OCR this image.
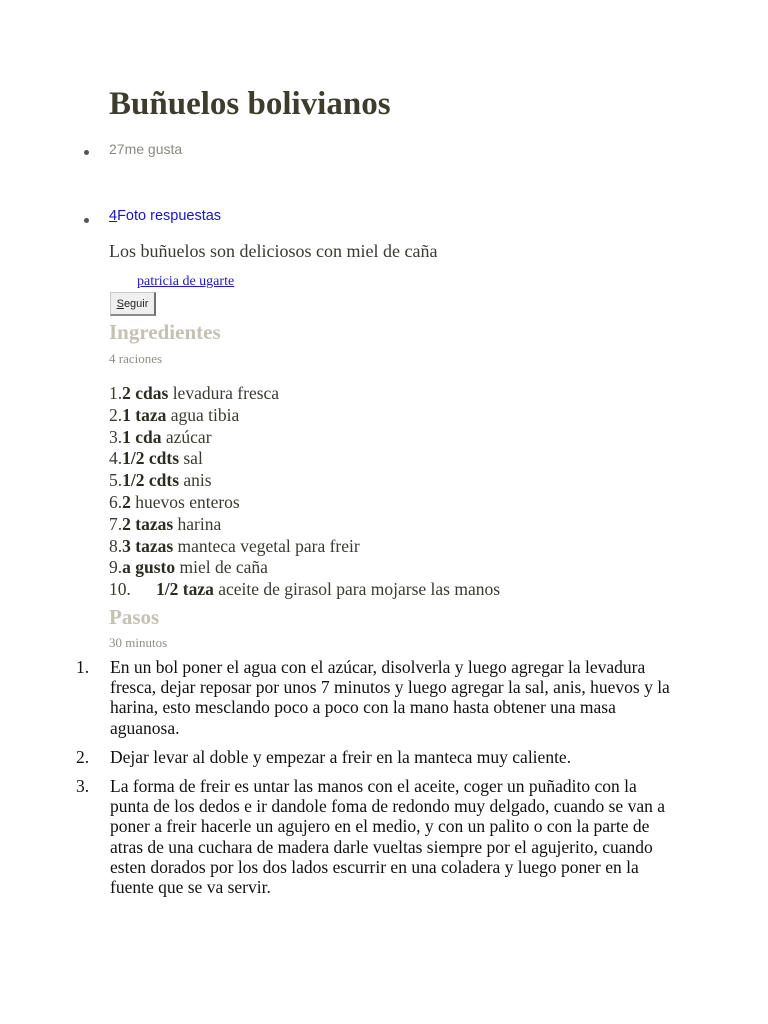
Buñuelos bolivianos
27me gusta
4Foto respuestas
Los buñuelos son deliciosos con miel de caña
patricia de ugarte
Seguir
Ingredientes
4 raciones
1.2 cdas levadura fresca
2.1 taza agua tibia
3.1 cda azúcar
4.1/2 cdts sal
5.1/2 cdts anis
6.2 huevos enteros
7.2 tazas harina
8.3 tazas manteca vegetal para freir
9.a gusto miel de caña
10. 1/2 taza aceite de girasol para mojarse las manos
Pasos
30 minutos
1. En un bol poner el agua con el azúcar, disolverla y luego agregar la levadura fresca, dejar reposar por unos 7 minutos y luego agregar la sal, anis, huevos y la harina, esto mesclando poco a poco con la mano hasta obtener una masa aguanosa.
2. Dejar levar al doble y empezar a freir en la manteca muy caliente.
3. La forma de freir es untar las manos con el aceite, coger un puñadito con la punta de los dedos e ir dandole foma de redondo muy delgado, cuando se van a poner a freir hacerle un agujero en el medio, y con un palito o con la parte de atras de una cuchara de madera darle vueltas siempre por el agujerito, cuando esten dorados por los dos lados escurrir en una coladera y luego poner en la fuente que se va servir.
